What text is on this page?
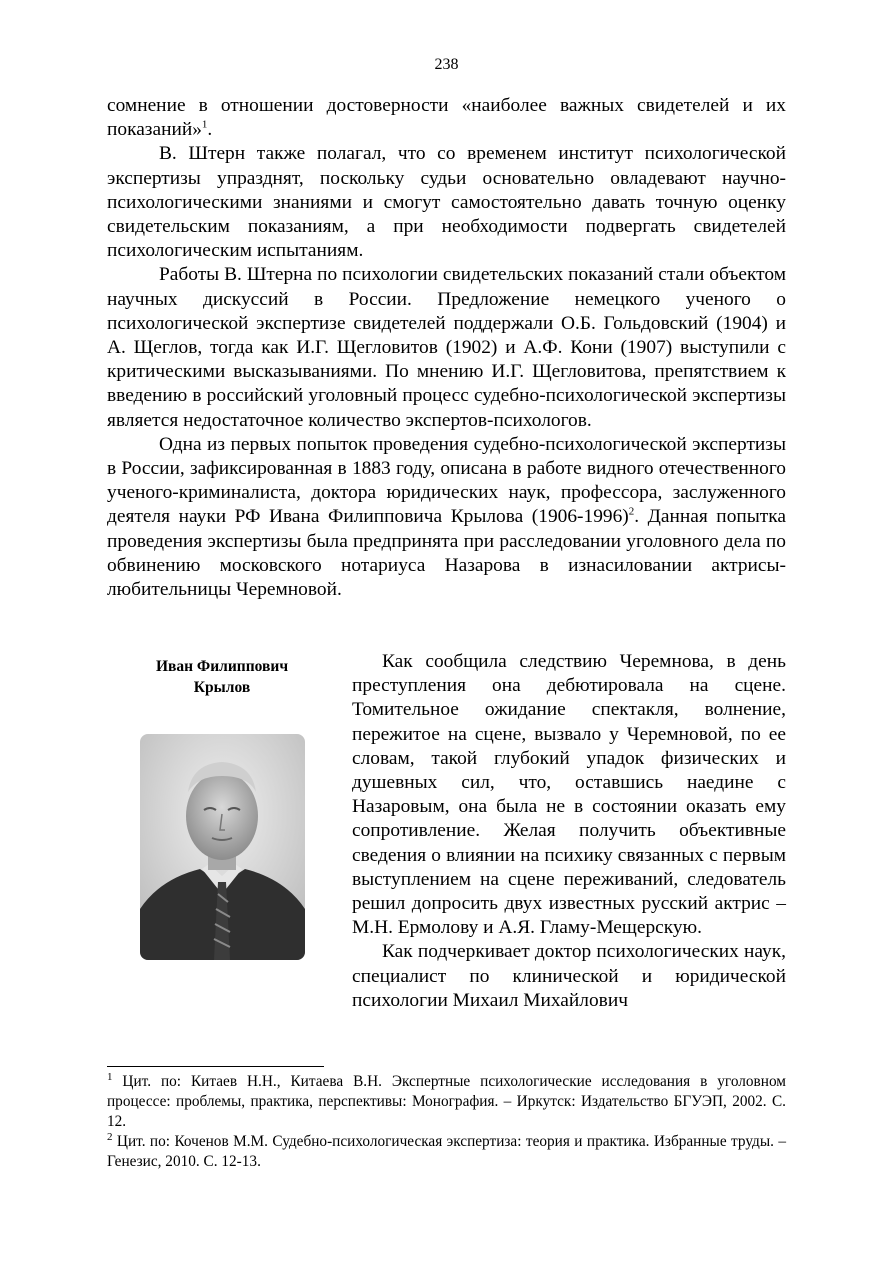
238

сомнение в отношении достоверности «наиболее важных свидетелей и их показаний»$^1$.

В. Штерн также полагал, что со временем институт психологической экспертизы упразднят, поскольку судьи основательно овладевают научно-психологическими знаниями и смогут самостоятельно давать точную оценку свидетельским показаниям, а при необходимости подвергать свидетелей психологическим испытаниям.

Работы В. Штерна по психологии свидетельских показаний стали объектом научных дискуссий в России. Предложение немецкого ученого о психологической экспертизе свидетелей поддержали О.Б. Гольдовский (1904) и А. Щеглов, тогда как И.Г. Щегловитов (1902) и А.Ф. Кони (1907) выступили с критическими высказываниями. По мнению И.Г. Щегловитова, препятствием к введению в российский уголовный процесс судебно-психологической экспертизы является недостаточное количество экспертов-психологов.

Одна из первых попыток проведения судебно-психологической экспертизы в России, зафиксированная в 1883 году, описана в работе видного отечественного ученого-криминалиста, доктора юридических наук, профессора, заслуженного деятеля науки РФ Ивана Филипповича Крылова (1906-1996)$^2$. Данная попытка проведения экспертизы была предпринята при расследовании уголовного дела по обвинению московского нотариуса Назарова в изнасиловании актрисы-любительницы Черемновой.

Иван Филиппович
Крылов

Как сообщила следствию Черемнова, в день преступления она дебютировала на сцене. Томительное ожидание спектакля, волнение, пережитое на сцене, вызвало у Черемновой, по ее словам, такой глубокий упадок физических и душевных сил, что, оставшись наедине с Назаровым, она была не в состоянии оказать ему сопротивление. Желая получить объективные сведения о влиянии на психику связанных с первым выступлением на сцене переживаний, следователь решил допросить двух известных русский актрис – М.Н. Ермолову и А.Я. Гламу-Мещерскую.

Как подчеркивает доктор психологических наук, специалист по клинической и юридической психологии Михаил Михайлович

$^1$ Цит. по: Китаев Н.Н., Китаева В.Н. Экспертные психологические исследования в уголовном процессе: проблемы, практика, перспективы: Монография. – Иркутск: Издательство БГУЭП, 2002. С. 12.

$^2$ Цит. по: Коченов М.М. Судебно-психологическая экспертиза: теория и практика. Избранные труды. – Генезис, 2010. С. 12-13.
